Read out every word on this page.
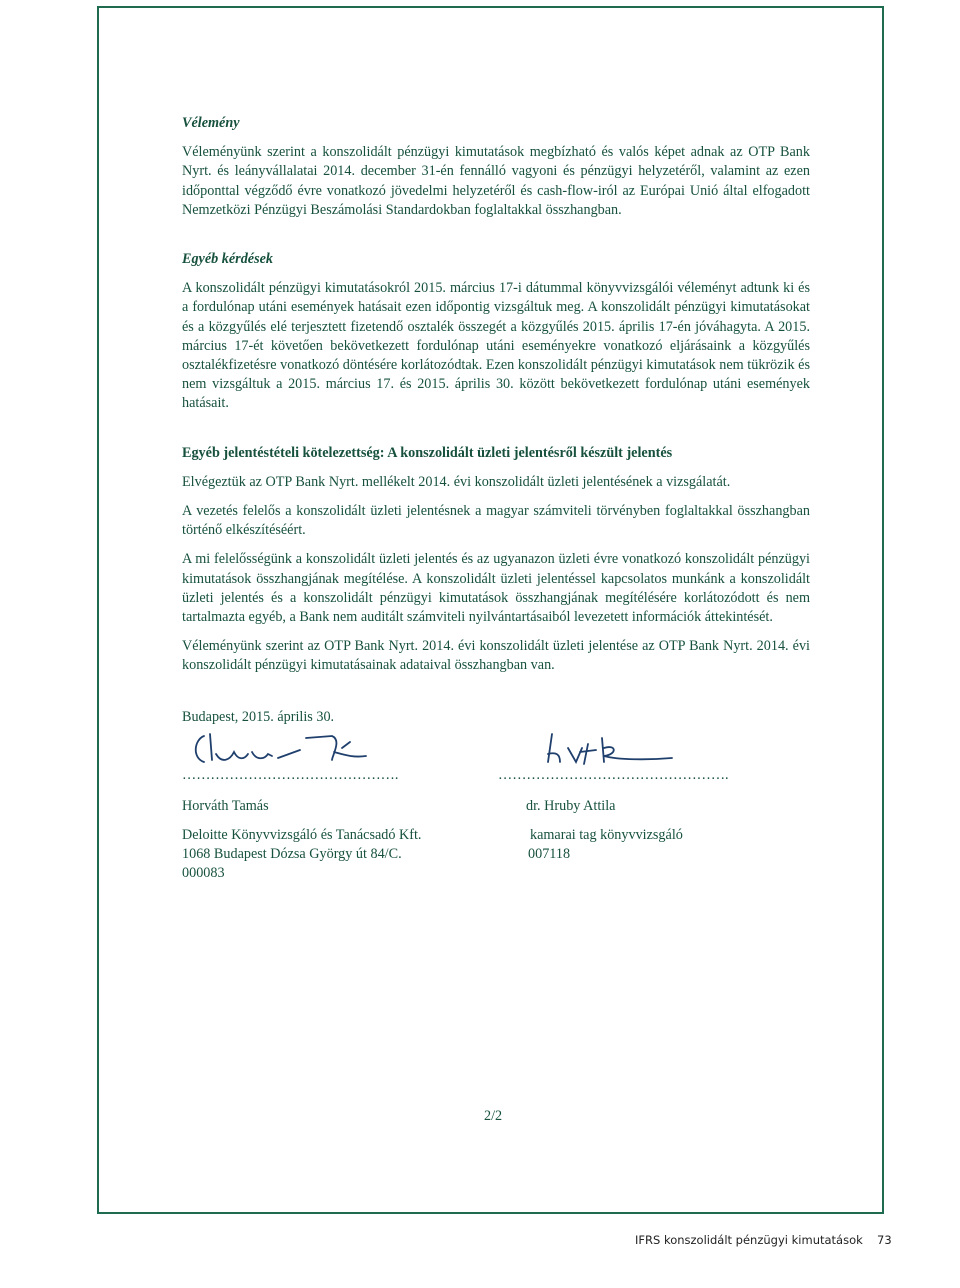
Vélemény

Véleményünk szerint a konszolidált pénzügyi kimutatások megbízható és valós képet adnak az OTP Bank Nyrt. és leányvállalatai 2014. december 31-én fennálló vagyoni és pénzügyi helyzetéről, valamint az ezen időponttal végződő évre vonatkozó jövedelmi helyzetéről és cash-flow-iról az Európai Unió által elfogadott Nemzetközi Pénzügyi Beszámolási Standardokban foglaltakkal összhangban.

Egyéb kérdések

A konszolidált pénzügyi kimutatásokról 2015. március 17-i dátummal könyvvizsgálói véleményt adtunk ki és a fordulónap utáni események hatásait ezen időpontig vizsgáltuk meg. A konszolidált pénzügyi kimutatásokat és a közgyűlés elé terjesztett fizetendő osztalék összegét a közgyűlés 2015. április 17-én jóváhagyta. A 2015. március 17-ét követően bekövetkezett fordulónap utáni eseményekre vonatkozó eljárásaink a közgyűlés osztalékfizetésre vonatkozó döntésére korlátozódtak. Ezen konszolidált pénzügyi kimutatások nem tükrözik és nem vizsgáltuk a 2015. március 17. és 2015. április 30. között bekövetkezett fordulónap utáni események hatásait.

Egyéb jelentéstételi kötelezettség: A konszolidált üzleti jelentésről készült jelentés

Elvégeztük az OTP Bank Nyrt. mellékelt 2014. évi konszolidált üzleti jelentésének a vizsgálatát.

A vezetés felelős a konszolidált üzleti jelentésnek a magyar számviteli törvényben foglaltakkal összhangban történő elkészítéséért.

A mi felelősségünk a konszolidált üzleti jelentés és az ugyanazon üzleti évre vonatkozó konszolidált pénzügyi kimutatások összhangjának megítélése. A konszolidált üzleti jelentéssel kapcsolatos munkánk a konszolidált üzleti jelentés és a konszolidált pénzügyi kimutatások összhangjának megítélésére korlátozódott és nem tartalmazta egyéb, a Bank nem auditált számviteli nyilvántartásaiból levezetett információk áttekintését.

Véleményünk szerint az OTP Bank Nyrt. 2014. évi konszolidált üzleti jelentése az OTP Bank Nyrt. 2014. évi konszolidált pénzügyi kimutatásainak adataival összhangban van.

Budapest, 2015. április 30.

……………………………………….
Horváth Tamás
Deloitte Könyvvizsgáló és Tanácsadó Kft.
1068 Budapest Dózsa György út 84/C.
000083
………………………………………….
dr. Hruby Attila
kamarai tag könyvvizsgáló
007118
2/2
IFRS konszolidált pénzügyi kimutatások 73
